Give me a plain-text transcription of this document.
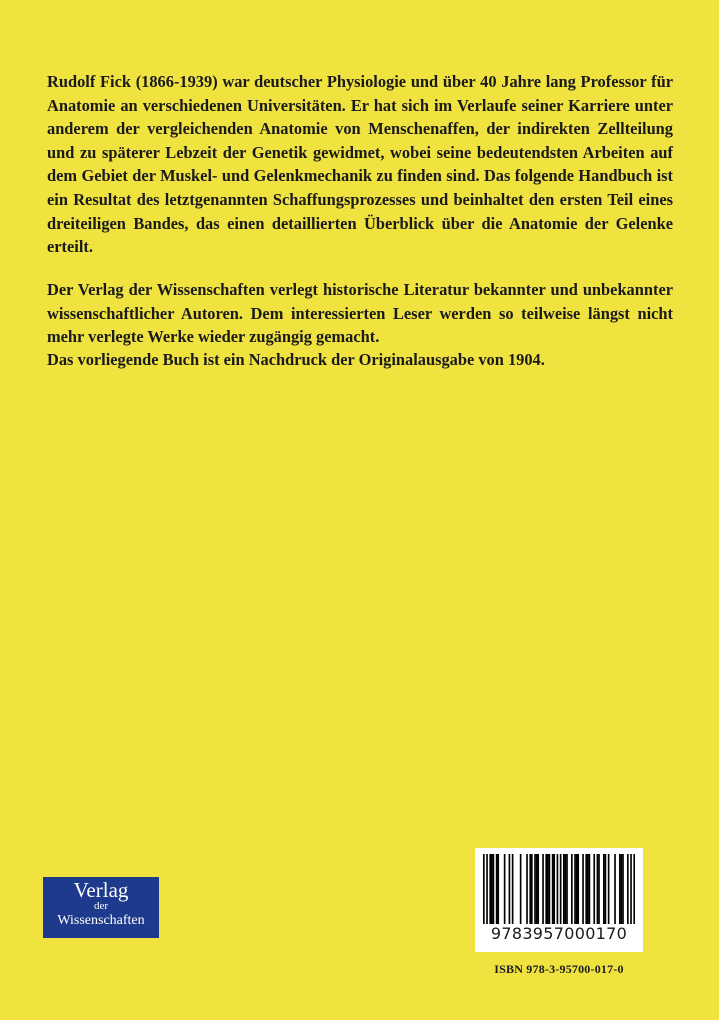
Rudolf Fick (1866-1939) war deutscher Physiologie und über 40 Jahre lang Professor für Anatomie an verschiedenen Universitäten. Er hat sich im Verlaufe seiner Karriere unter anderem der vergleichenden Anatomie von Menschenaffen, der indirekten Zellteilung und zu späterer Lebzeit der Genetik gewidmet, wobei seine bedeutendsten Arbeiten auf dem Gebiet der Muskel- und Gelenkmechanik zu finden sind. Das folgende Handbuch ist ein Resultat des letztgenannten Schaffungsprozesses und beinhaltet den ersten Teil eines dreiteiligen Bandes, das einen detaillierten Überblick über die Anatomie der Gelenke erteilt.

Der Verlag der Wissenschaften verlegt historische Literatur bekannter und unbekannter wissenschaftlicher Autoren. Dem interessierten Leser werden so teilweise längst nicht mehr verlegte Werke wieder zugängig gemacht.

Das vorliegende Buch ist ein Nachdruck der Originalausgabe von 1904.

Verlag
der
Wissenschaften
9783957000170
ISBN 978-3-95700-017-0
